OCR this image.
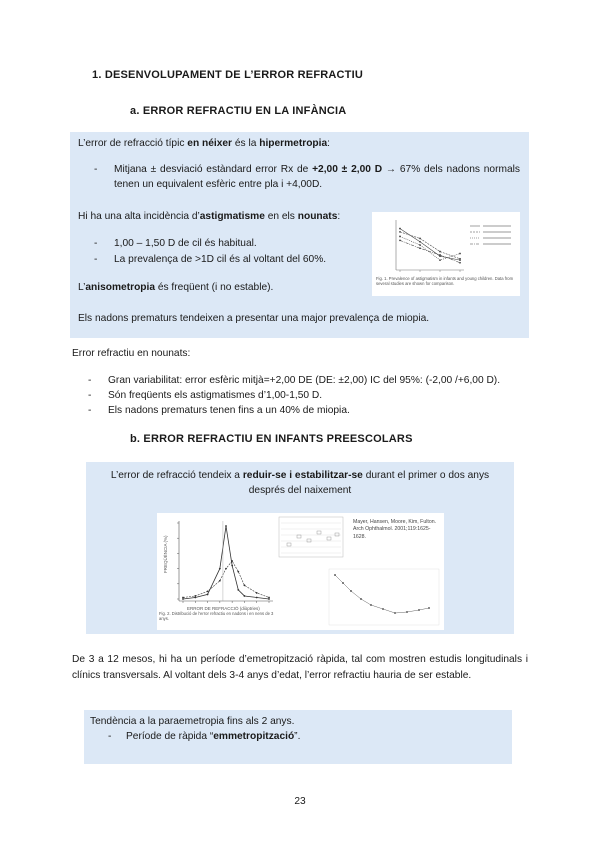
1. DESENVOLUPAMENT DE L’ERROR REFRACTIU
a. ERROR REFRACTIU EN LA INFÀNCIA
L’error de refracció típic en néixer és la hipermetropia:
- Mitjana ± desviació estàndard error Rx de +2,00 ± 2,00 D → 67% dels nadons normals tenen un equivalent esfèric entre pla i +4,00D.
Hi ha una alta incidència d’astigmatisme en els nounats:
- 1,00 – 1,50 D de cil és habitual.
- La prevalença de >1D cil és al voltant del 60%.
L’anisometropia és freqüent (i no estable).
Els nadons prematurs tendeixen a presentar una major prevalença de miopia.
Fig. 1. Prevalence of astigmatism in infants and young children. Data from several studies are shown for comparison.
Error refractiu en nounats:
- Gran variabilitat: error esfèric mitjà=+2,00 DE (DE: ±2,00) IC del 95%: (-2,00 /+6,00 D).
- Són freqüents els astigmatismes d’1,00-1,50 D.
- Els nadons prematurs tenen fins a un 40% de miopia.
b. ERROR REFRACTIU EN INFANTS PREESCOLARS
L’error de refracció tendeix a reduir-se i estabilitzar-se durant el primer o dos anys
després del naixement
FREQÜÈNCIA (%)
ERROR DE REFRACCIÓ (diòptries)
Fig. 2. Distribució de l'error refractiu en nadons i en nens de 3 anys.
Mayer, Hansen, Moore, Kim, Fulton. Arch Ophthalmol. 2001;119:1625-1628.
De 3 a 12 mesos, hi ha un període d’emetropització ràpida, tal com mostren estudis longitudinals i clínics transversals. Al voltant dels 3-4 anys d’edat, l’error refractiu hauria de ser estable.
Tendència a la paraemetropia fins als 2 anys.
- Període de ràpida “emmetropització”.
23
